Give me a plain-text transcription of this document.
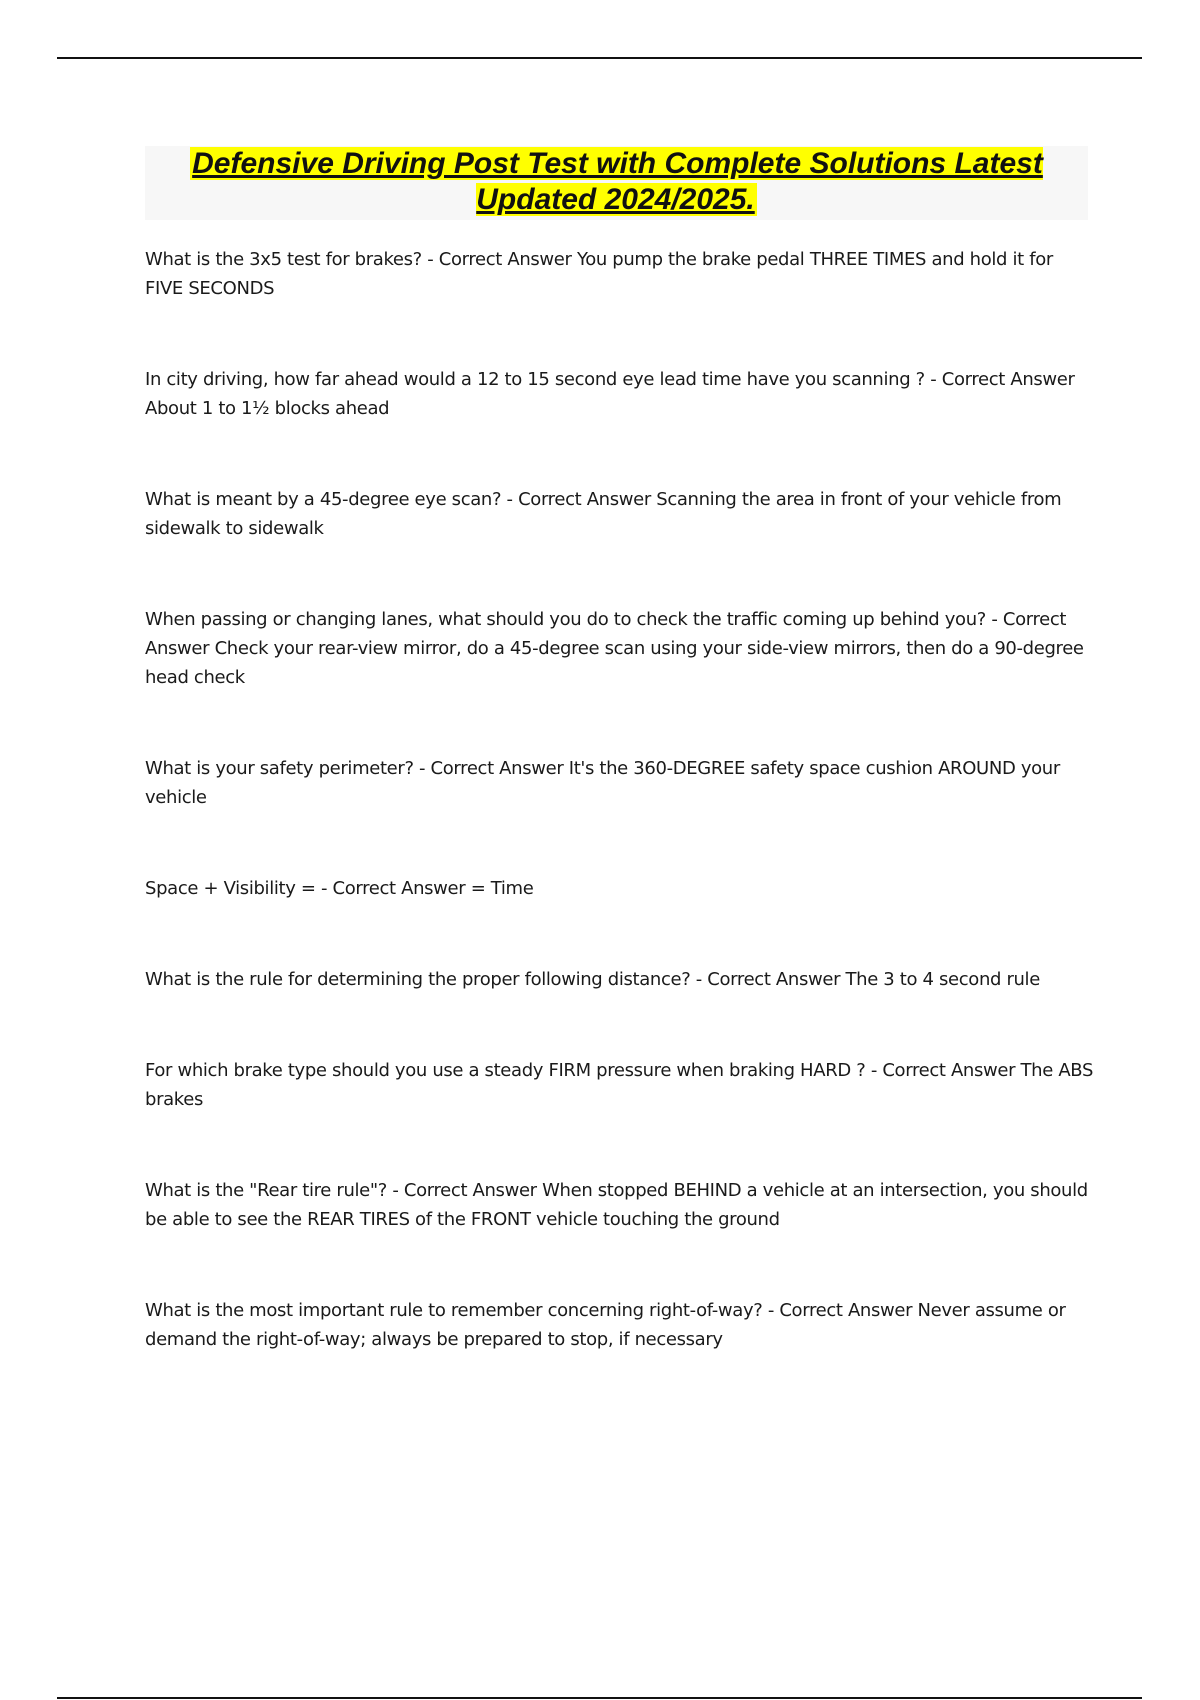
Defensive Driving Post Test with Complete Solutions Latest Updated 2024/2025.

What is the 3x5 test for brakes? - Correct Answer You pump the brake pedal THREE TIMES and hold it for FIVE SECONDS

In city driving, how far ahead would a 12 to 15 second eye lead time have you scanning ? - Correct Answer About 1 to 1½ blocks ahead

What is meant by a 45-degree eye scan? - Correct Answer Scanning the area in front of your vehicle from sidewalk to sidewalk

When passing or changing lanes, what should you do to check the traffic coming up behind you? - Correct Answer Check your rear-view mirror, do a 45-degree scan using your side-view mirrors, then do a 90-degree head check

What is your safety perimeter? - Correct Answer It's the 360-DEGREE safety space cushion AROUND your vehicle

Space + Visibility = - Correct Answer = Time

What is the rule for determining the proper following distance? - Correct Answer The 3 to 4 second rule

For which brake type should you use a steady FIRM pressure when braking HARD ? - Correct Answer The ABS brakes

What is the "Rear tire rule"? - Correct Answer When stopped BEHIND a vehicle at an intersection, you should be able to see the REAR TIRES of the FRONT vehicle touching the ground

What is the most important rule to remember concerning right-of-way? - Correct Answer Never assume or demand the right-of-way; always be prepared to stop, if necessary
